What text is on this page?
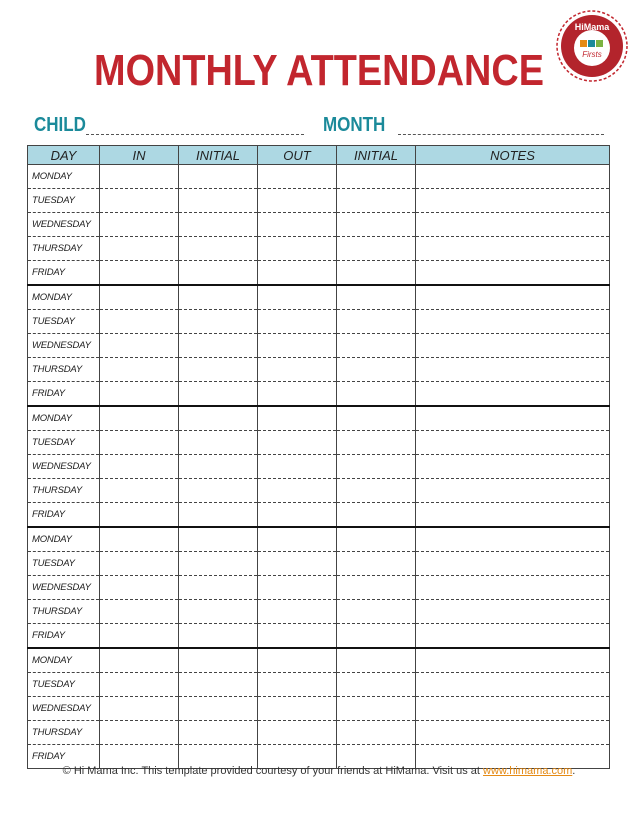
MONTHLY ATTENDANCE
HiMama
Firsts
CHILD	MONTH
DAY	IN	INITIAL	OUT	INITIAL	NOTES
MONDAY					
TUESDAY					
WEDNESDAY					
THURSDAY					
FRIDAY					
MONDAY					
TUESDAY					
WEDNESDAY					
THURSDAY					
FRIDAY					
MONDAY					
TUESDAY					
WEDNESDAY					
THURSDAY					
FRIDAY					
MONDAY					
TUESDAY					
WEDNESDAY					
THURSDAY					
FRIDAY					
MONDAY					
TUESDAY					
WEDNESDAY					
THURSDAY					
FRIDAY					
© Hi Mama Inc. This template provided courtesy of your friends at HiMama. Visit us at www.himama.com.
